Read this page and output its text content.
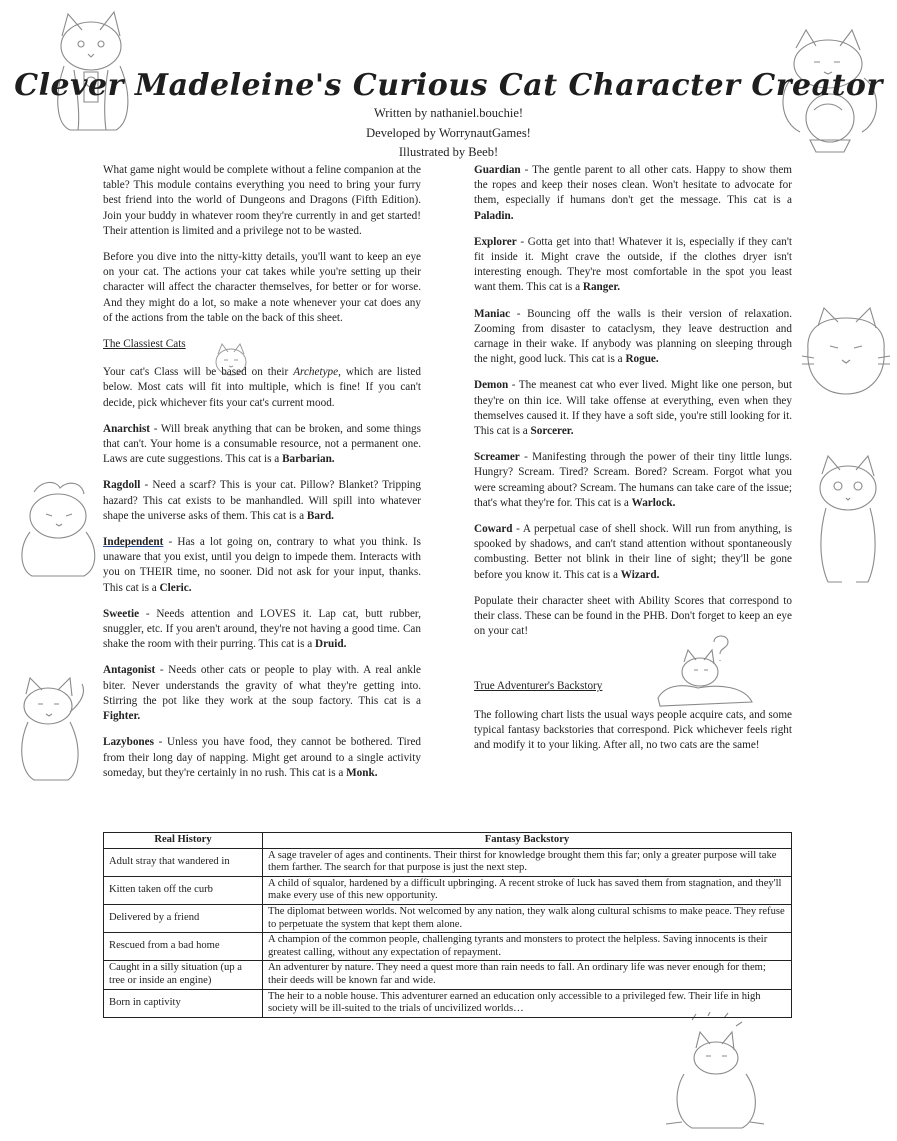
Clever Madeleine's Curious Cat Character Creator
Written by nathaniel.bouchie!
Developed by WorrynautGames!
Illustrated by Beeb!

What game night would be complete without a feline companion at the table? This module contains everything you need to bring your furry best friend into the world of Dungeons and Dragons (Fifth Edition). Join your buddy in whatever room they're currently in and get started! Their attention is limited and a privilege not to be wasted.

Before you dive into the nitty-kitty details, you'll want to keep an eye on your cat. The actions your cat takes while you're setting up their character will affect the character themselves, for better or for worse. And they might do a lot, so make a note whenever your cat does any of the actions from the table on the back of this sheet.

The Classiest Cats

Your cat's Class will be based on their Archetype, which are listed below. Most cats will fit into multiple, which is fine! If you can't decide, pick whichever fits your cat's current mood.

Anarchist - Will break anything that can be broken, and some things that can't. Your home is a consumable resource, not a permanent one. Laws are cute suggestions. This cat is a Barbarian.

Ragdoll - Need a scarf? This is your cat. Pillow? Blanket? Tripping hazard? This cat exists to be manhandled. Will spill into whatever shape the universe asks of them. This cat is a Bard.

Independent - Has a lot going on, contrary to what you think. Is unaware that you exist, until you deign to impede them. Interacts with you on THEIR time, no sooner. Did not ask for your input, thanks. This cat is a Cleric.

Sweetie - Needs attention and LOVES it. Lap cat, butt rubber, snuggler, etc. If you aren't around, they're not having a good time. Can shake the room with their purring. This cat is a Druid.

Antagonist - Needs other cats or people to play with. A real ankle biter. Never understands the gravity of what they're getting into. Stirring the pot like they work at the soup factory. This cat is a Fighter.

Lazybones - Unless you have food, they cannot be bothered. Tired from their long day of napping. Might get around to a single activity someday, but they're certainly in no rush. This cat is a Monk.

Guardian - The gentle parent to all other cats. Happy to show them the ropes and keep their noses clean. Won't hesitate to advocate for them, especially if humans don't get the message. This cat is a Paladin.

Explorer - Gotta get into that! Whatever it is, especially if they can't fit inside it. Might crave the outside, if the clothes dryer isn't interesting enough. They're most comfortable in the spot you least want them. This cat is a Ranger.

Maniac - Bouncing off the walls is their version of relaxation. Zooming from disaster to cataclysm, they leave destruction and carnage in their wake. If anybody was planning on sleeping through the night, good luck. This cat is a Rogue.

Demon - The meanest cat who ever lived. Might like one person, but they're on thin ice. Will take offense at everything, even when they themselves caused it. If they have a soft side, you're still looking for it. This cat is a Sorcerer.

Screamer - Manifesting through the power of their tiny little lungs. Hungry? Scream. Tired? Scream. Bored? Scream. Forgot what you were screaming about? Scream. The humans can take care of the issue; that's what they're for. This cat is a Warlock.

Coward - A perpetual case of shell shock. Will run from anything, is spooked by shadows, and can't stand attention without spontaneously combusting. Better not blink in their line of sight; they'll be gone before you know it. This cat is a Wizard.

Populate their character sheet with Ability Scores that correspond to their class. These can be found in the PHB. Don't forget to keep an eye on your cat!

True Adventurer's Backstory

The following chart lists the usual ways people acquire cats, and some typical fantasy backstories that correspond. Pick whichever feels right and modify it to your liking. After all, no two cats are the same!

Real History	Fantasy Backstory
Adult stray that wandered in	A sage traveler of ages and continents. Their thirst for knowledge brought them this far; only a greater purpose will take them farther. The search for that purpose is just the next step.
Kitten taken off the curb	A child of squalor, hardened by a difficult upbringing. A recent stroke of luck has saved them from stagnation, and they'll make every use of this new opportunity.
Delivered by a friend	The diplomat between worlds. Not welcomed by any nation, they walk along cultural schisms to make peace. They refuse to perpetuate the system that kept them alone.
Rescued from a bad home	A champion of the common people, challenging tyrants and monsters to protect the helpless. Saving innocents is their greatest calling, without any expectation of repayment.
Caught in a silly situation (up a tree or inside an engine)	An adventurer by nature. They need a quest more than rain needs to fall. An ordinary life was never enough for them; their deeds will be known far and wide.
Born in captivity	The heir to a noble house. This adventurer earned an education only accessible to a privileged few. Their life in high society will be ill-suited to the trials of uncivilized worlds…
